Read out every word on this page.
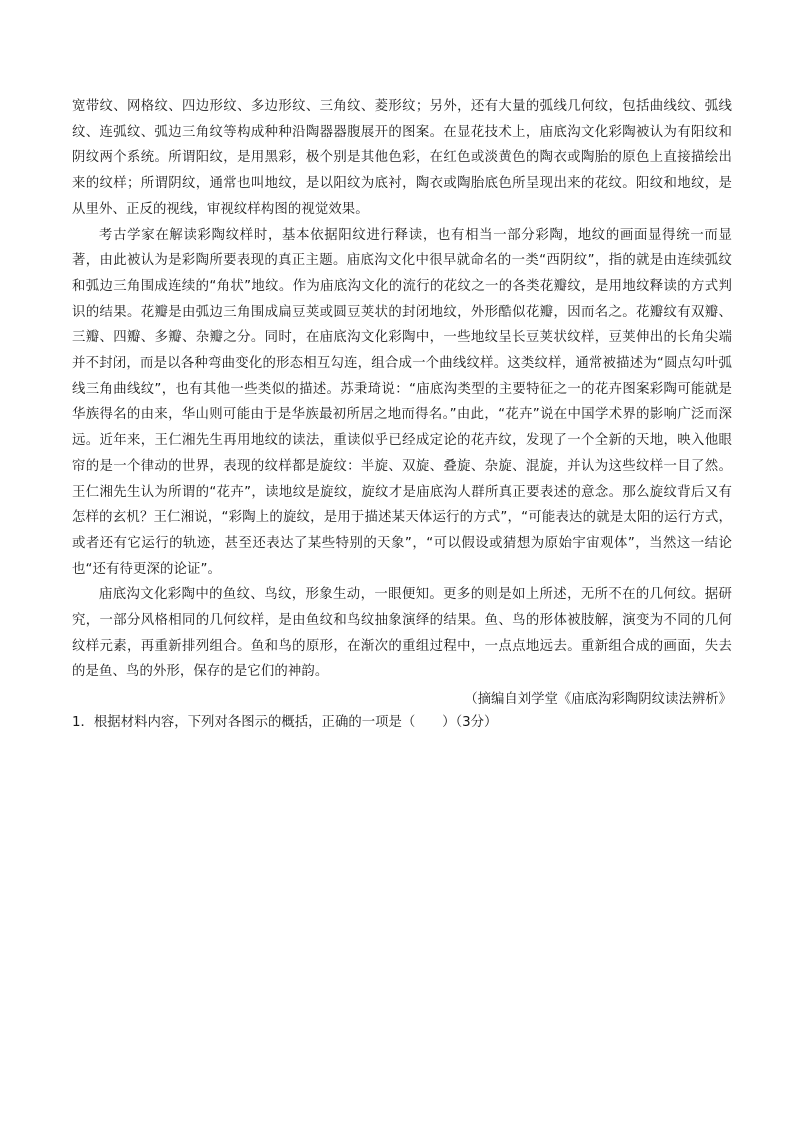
宽带纹、网格纹、四边形纹、多边形纹、三角纹、菱形纹；另外，还有大量的弧线几何纹，包括曲线纹、弧线纹、连弧纹、弧边三角纹等构成种种沿陶器器腹展开的图案。在显花技术上，庙底沟文化彩陶被认为有阳纹和阴纹两个系统。所谓阳纹，是用黑彩，极个别是其他色彩，在红色或淡黄色的陶衣或陶胎的原色上直接描绘出来的纹样；所谓阴纹，通常也叫地纹，是以阳纹为底衬，陶衣或陶胎底色所呈现出来的花纹。阳纹和地纹，是从里外、正反的视线，审视纹样构图的视觉效果。

考古学家在解读彩陶纹样时，基本依据阳纹进行释读，也有相当一部分彩陶，地纹的画面显得统一而显著，由此被认为是彩陶所要表现的真正主题。庙底沟文化中很早就命名的一类“西阴纹”，指的就是由连续弧纹和弧边三角围成连续的“角状”地纹。作为庙底沟文化的流行的花纹之一的各类花瓣纹，是用地纹释读的方式判识的结果。花瓣是由弧边三角围成扁豆荚或圆豆荚状的封闭地纹，外形酷似花瓣，因而名之。花瓣纹有双瓣、三瓣、四瓣、多瓣、杂瓣之分。同时，在庙底沟文化彩陶中，一些地纹呈长豆荚状纹样，豆荚伸出的长角尖端并不封闭，而是以各种弯曲变化的形态相互勾连，组合成一个曲线纹样。这类纹样，通常被描述为“圆点勾叶弧线三角曲线纹”，也有其他一些类似的描述。苏秉琦说：“庙底沟类型的主要特征之一的花卉图案彩陶可能就是华族得名的由来，华山则可能由于是华族最初所居之地而得名。”由此，“花卉”说在中国学术界的影响广泛而深远。近年来，王仁湘先生再用地纹的读法，重读似乎已经成定论的花卉纹，发现了一个全新的天地，映入他眼帘的是一个律动的世界，表现的纹样都是旋纹：半旋、双旋、叠旋、杂旋、混旋，并认为这些纹样一目了然。王仁湘先生认为所谓的“花卉”，读地纹是旋纹，旋纹才是庙底沟人群所真正要表述的意念。那么旋纹背后又有怎样的玄机？王仁湘说，“彩陶上的旋纹，是用于描述某天体运行的方式”，“可能表达的就是太阳的运行方式，或者还有它运行的轨迹，甚至还表达了某些特别的天象”，“可以假设或猜想为原始宇宙观体”，当然这一结论也“还有待更深的论证”。

庙底沟文化彩陶中的鱼纹、鸟纹，形象生动，一眼便知。更多的则是如上所述，无所不在的几何纹。据研究，一部分风格相同的几何纹样，是由鱼纹和鸟纹抽象演绎的结果。鱼、鸟的形体被肢解，演变为不同的几何纹样元素，再重新排列组合。鱼和鸟的原形，在渐次的重组过程中，一点点地远去。重新组合成的画面，失去的是鱼、鸟的外形，保存的是它们的神韵。

（摘编自刘学堂《庙底沟彩陶阴纹读法辨析》

1．根据材料内容，下列对各图示的概括，正确的一项是（　　）（3分）
